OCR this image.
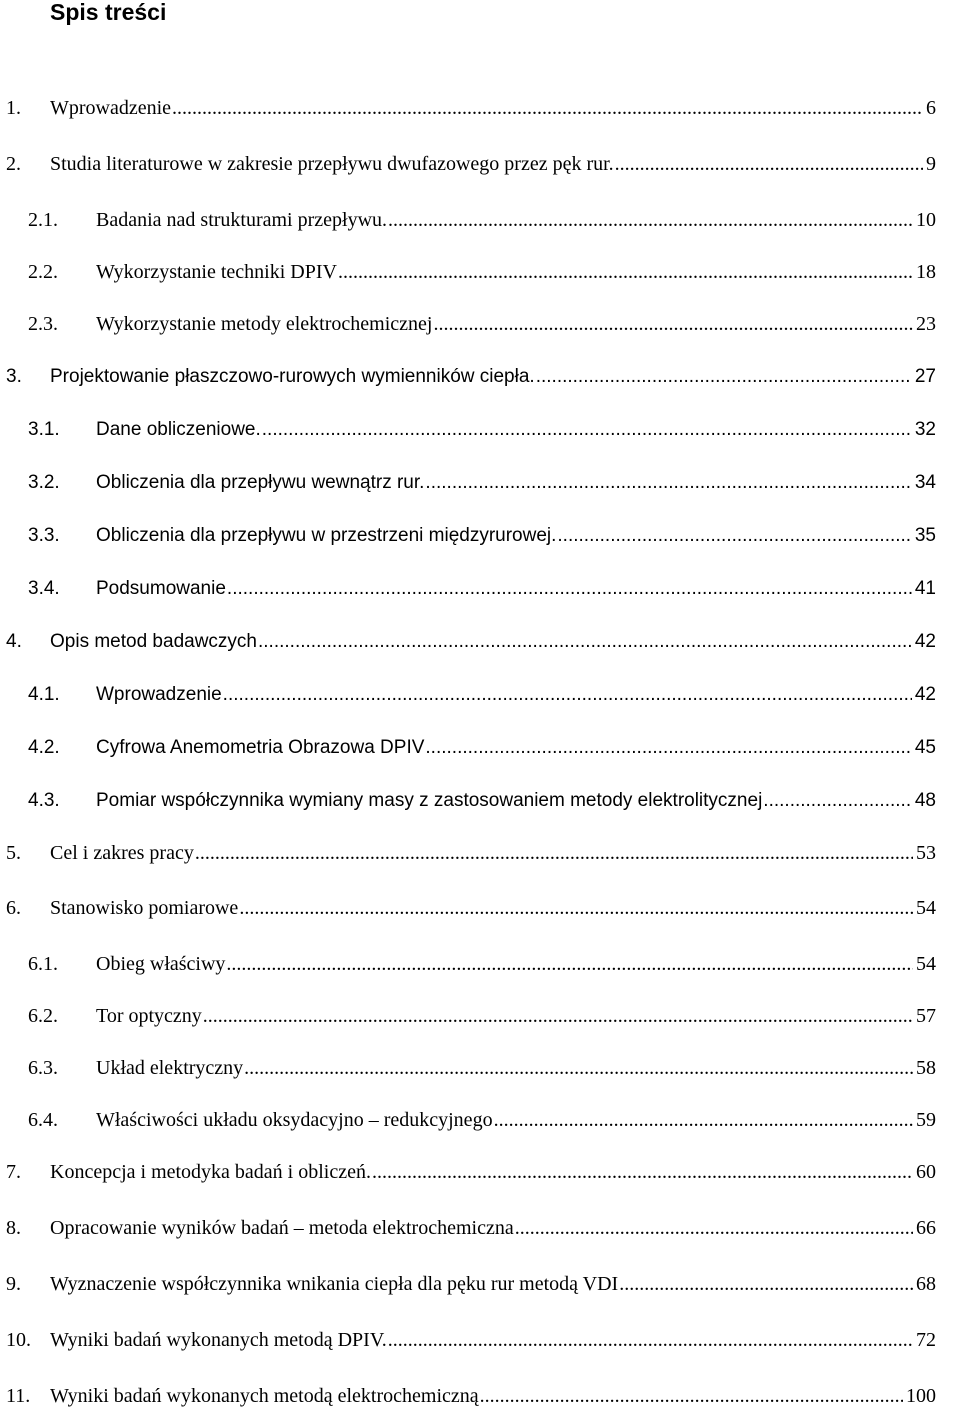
Spis treści
1. Wprowadzenie .....	6
2. Studia literaturowe w zakresie przepływu dwufazowego przez pęk rur. .....	9
2.1. Badania nad strukturami przepływu. .....	10
2.2. Wykorzystanie techniki DPIV .....	18
2.3. Wykorzystanie metody elektrochemicznej .....	23
3. Projektowanie płaszczowo-rurowych wymienników ciepła. .....	27
3.1. Dane obliczeniowe. .....	32
3.2. Obliczenia dla przepływu wewnątrz rur. .....	34
3.3. Obliczenia dla przepływu w przestrzeni międzyrurowej. .....	35
3.4. Podsumowanie .....	41
4. Opis metod badawczych .....	42
4.1. Wprowadzenie .....	42
4.2. Cyfrowa Anemometria Obrazowa DPIV .....	45
4.3. Pomiar współczynnika wymiany masy z zastosowaniem metody elektrolitycznej .....	48
5. Cel i zakres pracy .....	53
6. Stanowisko pomiarowe .....	54
6.1. Obieg właściwy .....	54
6.2. Tor optyczny .....	57
6.3. Układ elektryczny .....	58
6.4. Właściwości układu oksydacyjno – redukcyjnego .....	59
7. Koncepcja i metodyka badań i obliczeń. .....	60
8. Opracowanie wyników badań – metoda elektrochemiczna .....	66
9. Wyznaczenie współczynnika wnikania ciepła dla pęku rur metodą VDI .....	68
10. Wyniki badań wykonanych metodą DPIV. .....	72
11. Wyniki badań wykonanych metodą elektrochemiczną .....	100
